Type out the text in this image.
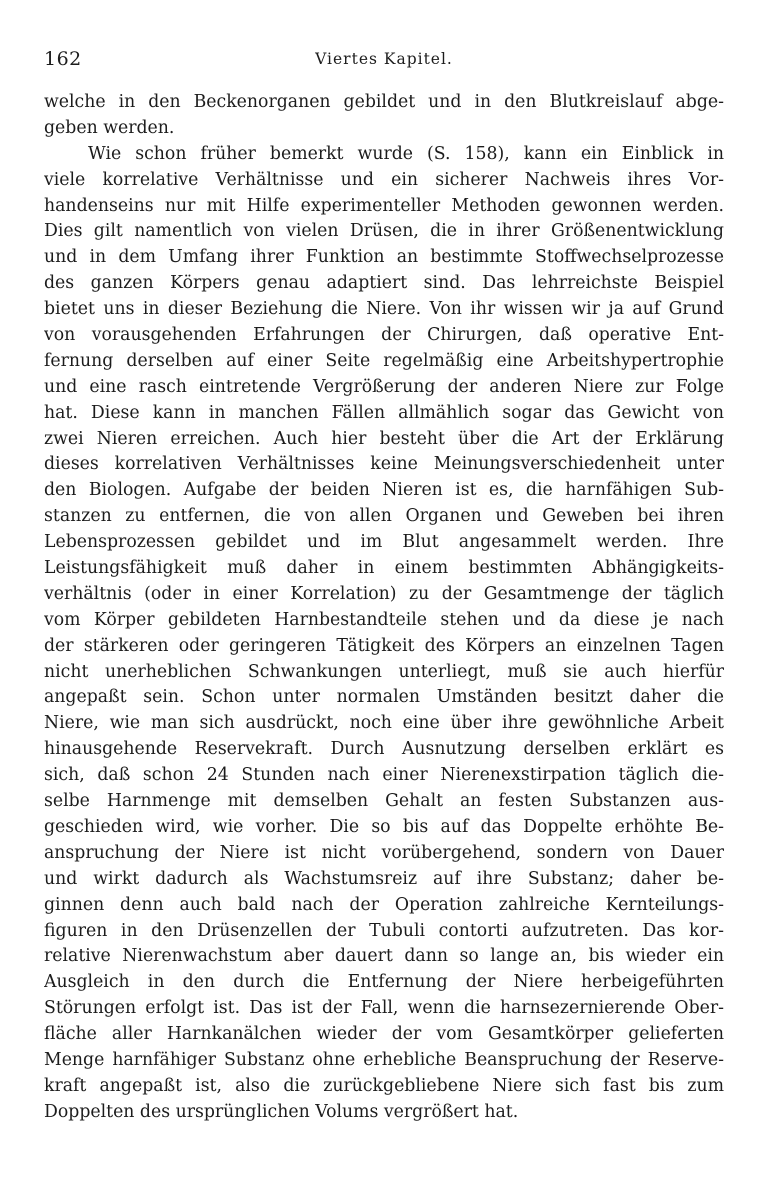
162	Viertes Kapitel.
welche in den Beckenorganen gebildet und in den Blutkreislauf abge-
geben werden.
Wie schon früher bemerkt wurde (S. 158), kann ein Einblick in
viele korrelative Verhältnisse und ein sicherer Nachweis ihres Vor-
handenseins nur mit Hilfe experimenteller Methoden gewonnen werden.
Dies gilt namentlich von vielen Drüsen, die in ihrer Größenentwicklung
und in dem Umfang ihrer Funktion an bestimmte Stoffwechselprozesse
des ganzen Körpers genau adaptiert sind. Das lehrreichste Beispiel
bietet uns in dieser Beziehung die Niere. Von ihr wissen wir ja auf Grund
von vorausgehenden Erfahrungen der Chirurgen, daß operative Ent-
fernung derselben auf einer Seite regelmäßig eine Arbeitshypertrophie
und eine rasch eintretende Vergrößerung der anderen Niere zur Folge
hat. Diese kann in manchen Fällen allmählich sogar das Gewicht von
zwei Nieren erreichen. Auch hier besteht über die Art der Erklärung
dieses korrelativen Verhältnisses keine Meinungsverschiedenheit unter
den Biologen. Aufgabe der beiden Nieren ist es, die harnfähigen Sub-
stanzen zu entfernen, die von allen Organen und Geweben bei ihren
Lebensprozessen gebildet und im Blut angesammelt werden. Ihre
Leistungsfähigkeit muß daher in einem bestimmten Abhängigkeits-
verhältnis (oder in einer Korrelation) zu der Gesamtmenge der täglich
vom Körper gebildeten Harnbestandteile stehen und da diese je nach
der stärkeren oder geringeren Tätigkeit des Körpers an einzelnen Tagen
nicht unerheblichen Schwankungen unterliegt, muß sie auch hierfür
angepaßt sein. Schon unter normalen Umständen besitzt daher die
Niere, wie man sich ausdrückt, noch eine über ihre gewöhnliche Arbeit
hinausgehende Reservekraft. Durch Ausnutzung derselben erklärt es
sich, daß schon 24 Stunden nach einer Nierenexstirpation täglich die-
selbe Harnmenge mit demselben Gehalt an festen Substanzen aus-
geschieden wird, wie vorher. Die so bis auf das Doppelte erhöhte Be-
anspruchung der Niere ist nicht vorübergehend, sondern von Dauer
und wirkt dadurch als Wachstumsreiz auf ihre Substanz; daher be-
ginnen denn auch bald nach der Operation zahlreiche Kernteilungs-
figuren in den Drüsenzellen der Tubuli contorti aufzutreten. Das kor-
relative Nierenwachstum aber dauert dann so lange an, bis wieder ein
Ausgleich in den durch die Entfernung der Niere herbeigeführten
Störungen erfolgt ist. Das ist der Fall, wenn die harnsezernierende Ober-
fläche aller Harnkanälchen wieder der vom Gesamtkörper gelieferten
Menge harnfähiger Substanz ohne erhebliche Beanspruchung der Reserve-
kraft angepaßt ist, also die zurückgebliebene Niere sich fast bis zum
Doppelten des ursprünglichen Volums vergrößert hat.
